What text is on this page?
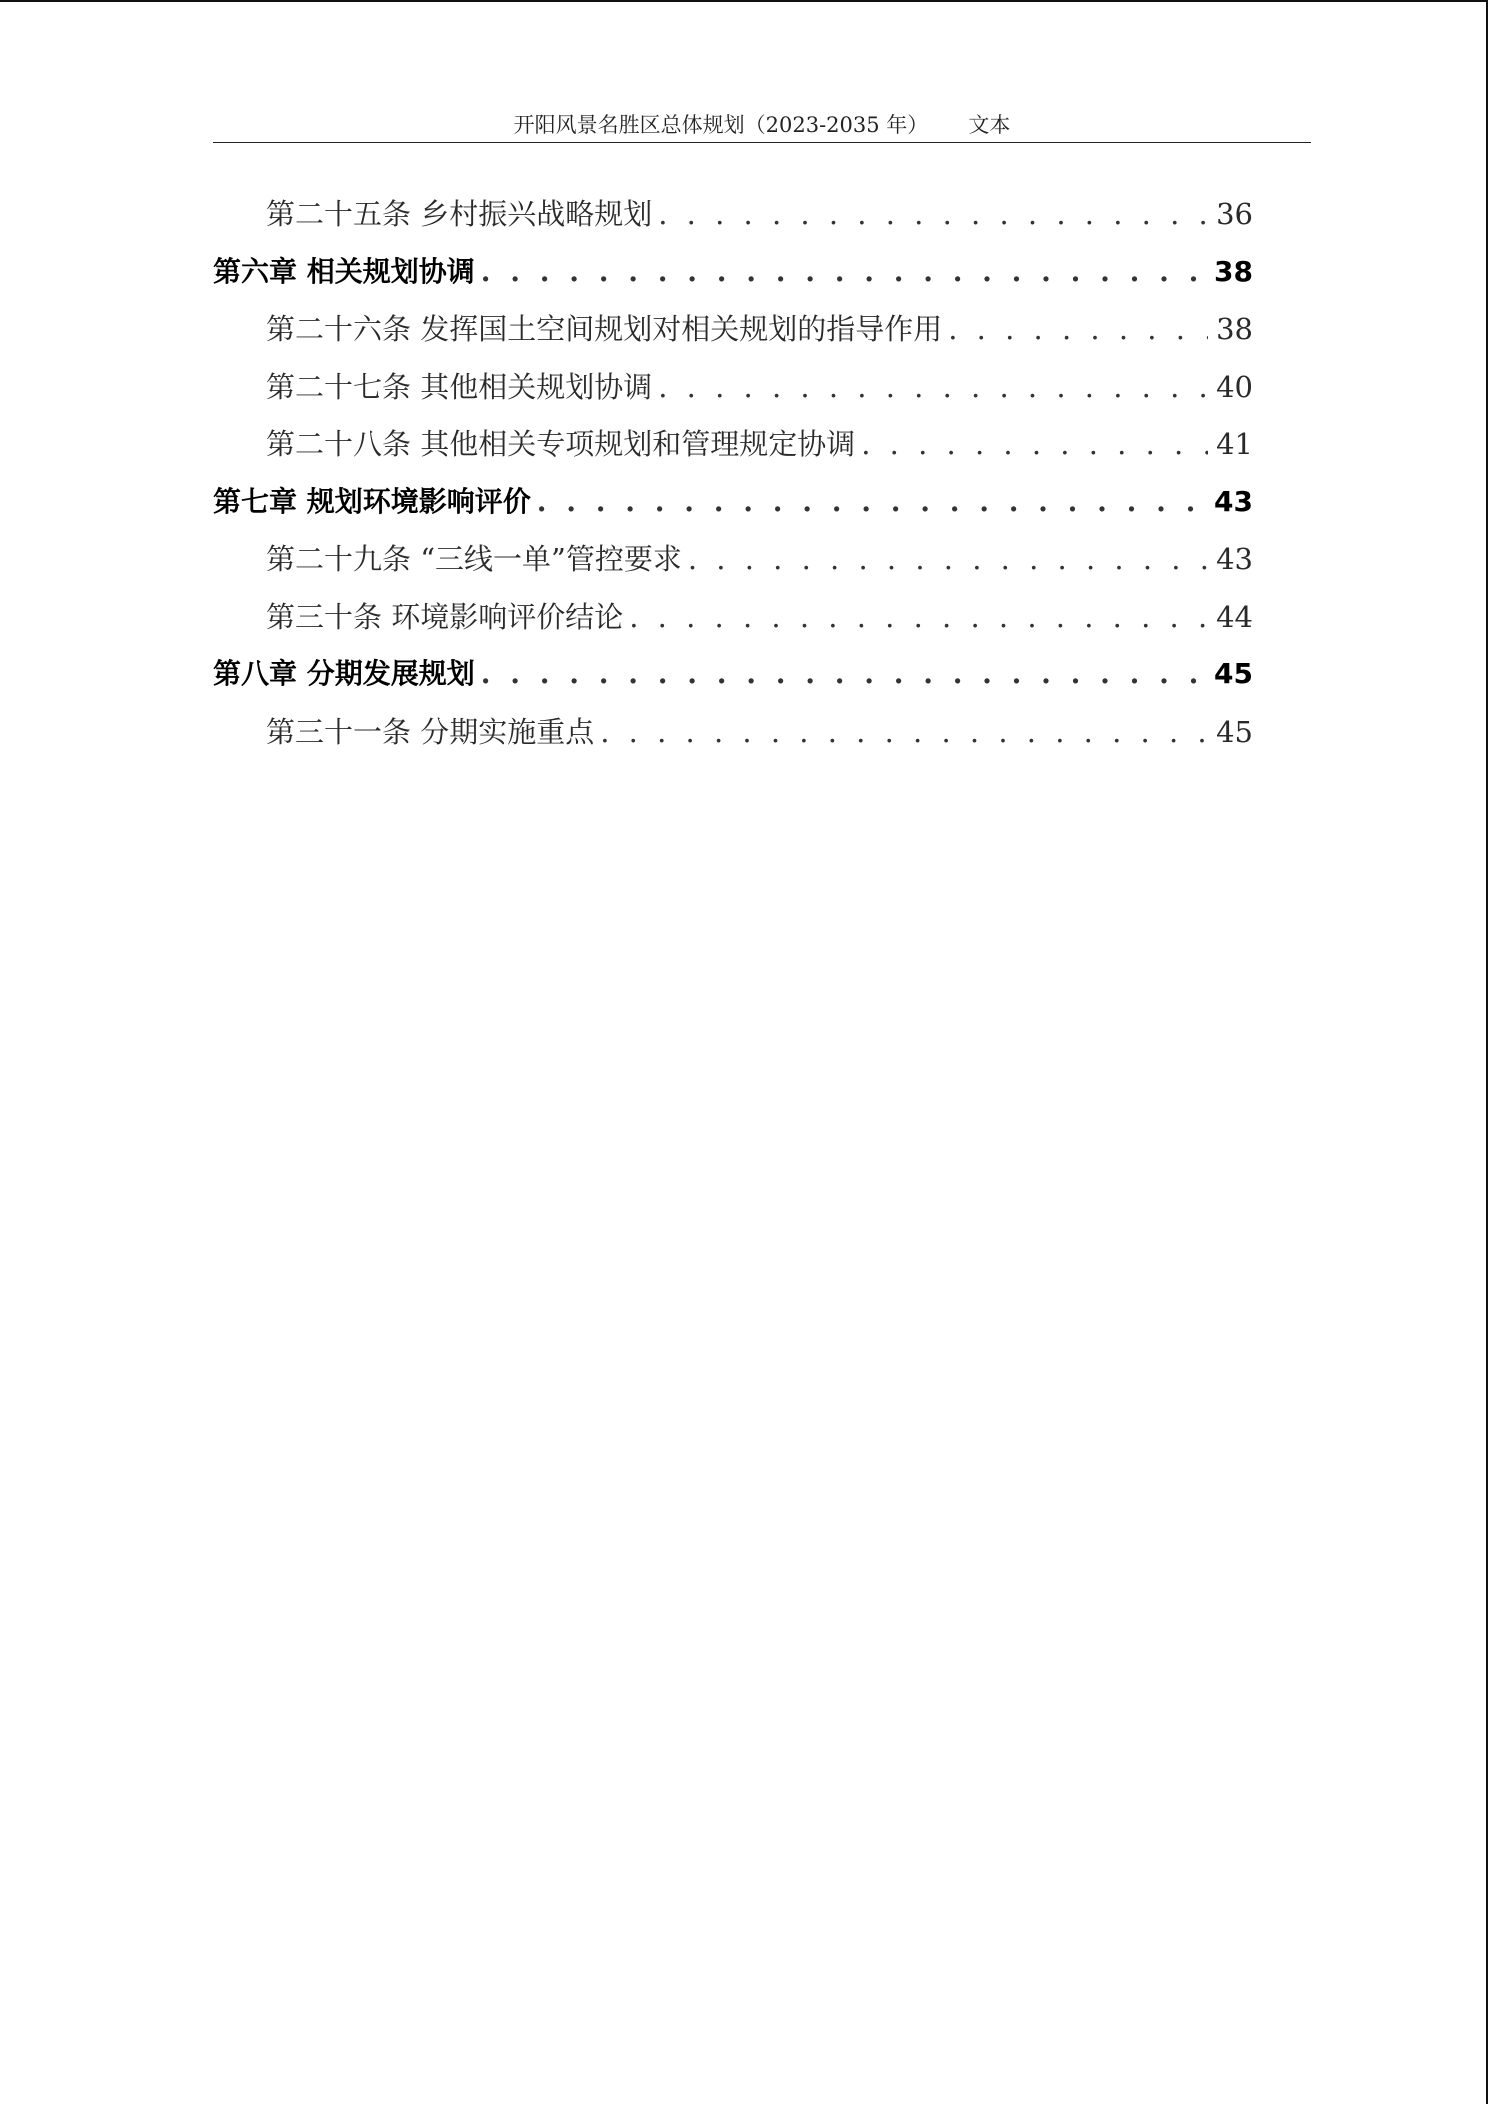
开阳风景名胜区总体规划（2023-2035 年） 文本
第二十五条 乡村振兴战略规划 . . .	36
第六章 相关规划协调 . . .	38
第二十六条 发挥国土空间规划对相关规划的指导作用 . . .	38
第二十七条 其他相关规划协调 . . .	40
第二十八条 其他相关专项规划和管理规定协调 . . .	41
第七章 规划环境影响评价 . . .	43
第二十九条 “三线一单”管控要求 . . .	43
第三十条 环境影响评价结论 . . .	44
第八章 分期发展规划 . . .	45
第三十一条 分期实施重点 . . .	45
